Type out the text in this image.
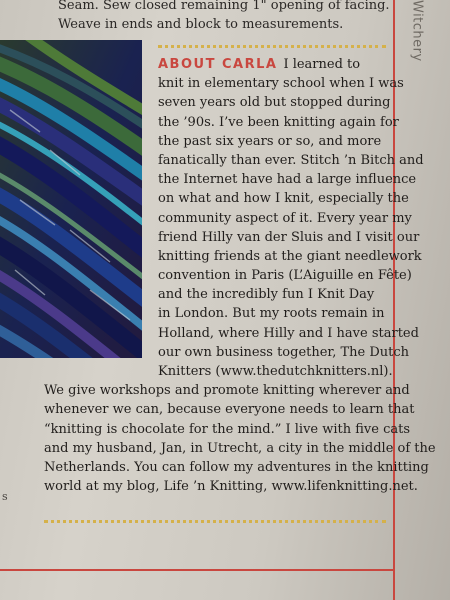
Witchery
Seam. Sew closed remaining 1" opening of facing.
Weave in ends and block to measurements.
ABOUT CARLA I learned to
knit in elementary school when I was
seven years old but stopped during
the ’90s. I’ve been knitting again for
the past six years or so, and more
fanatically than ever. Stitch ’n Bitch and
the Internet have had a large influence
on what and how I knit, especially the
community aspect of it. Every year my
friend Hilly van der Sluis and I visit our
knitting friends at the giant needlework
convention in Paris (L’Aiguille en Fête)
and the incredibly fun I Knit Day
in London. But my roots remain in
Holland, where Hilly and I have started
our own business together, The Dutch
Knitters (www.thedutchknitters.nl).
We give workshops and promote knitting wherever and
whenever we can, because everyone needs to learn that
“knitting is chocolate for the mind.” I live with five cats
and my husband, Jan, in Utrecht, a city in the middle of the
Netherlands. You can follow my adventures in the knitting
world at my blog, Life ’n Knitting, www.lifenknitting.net.
s
